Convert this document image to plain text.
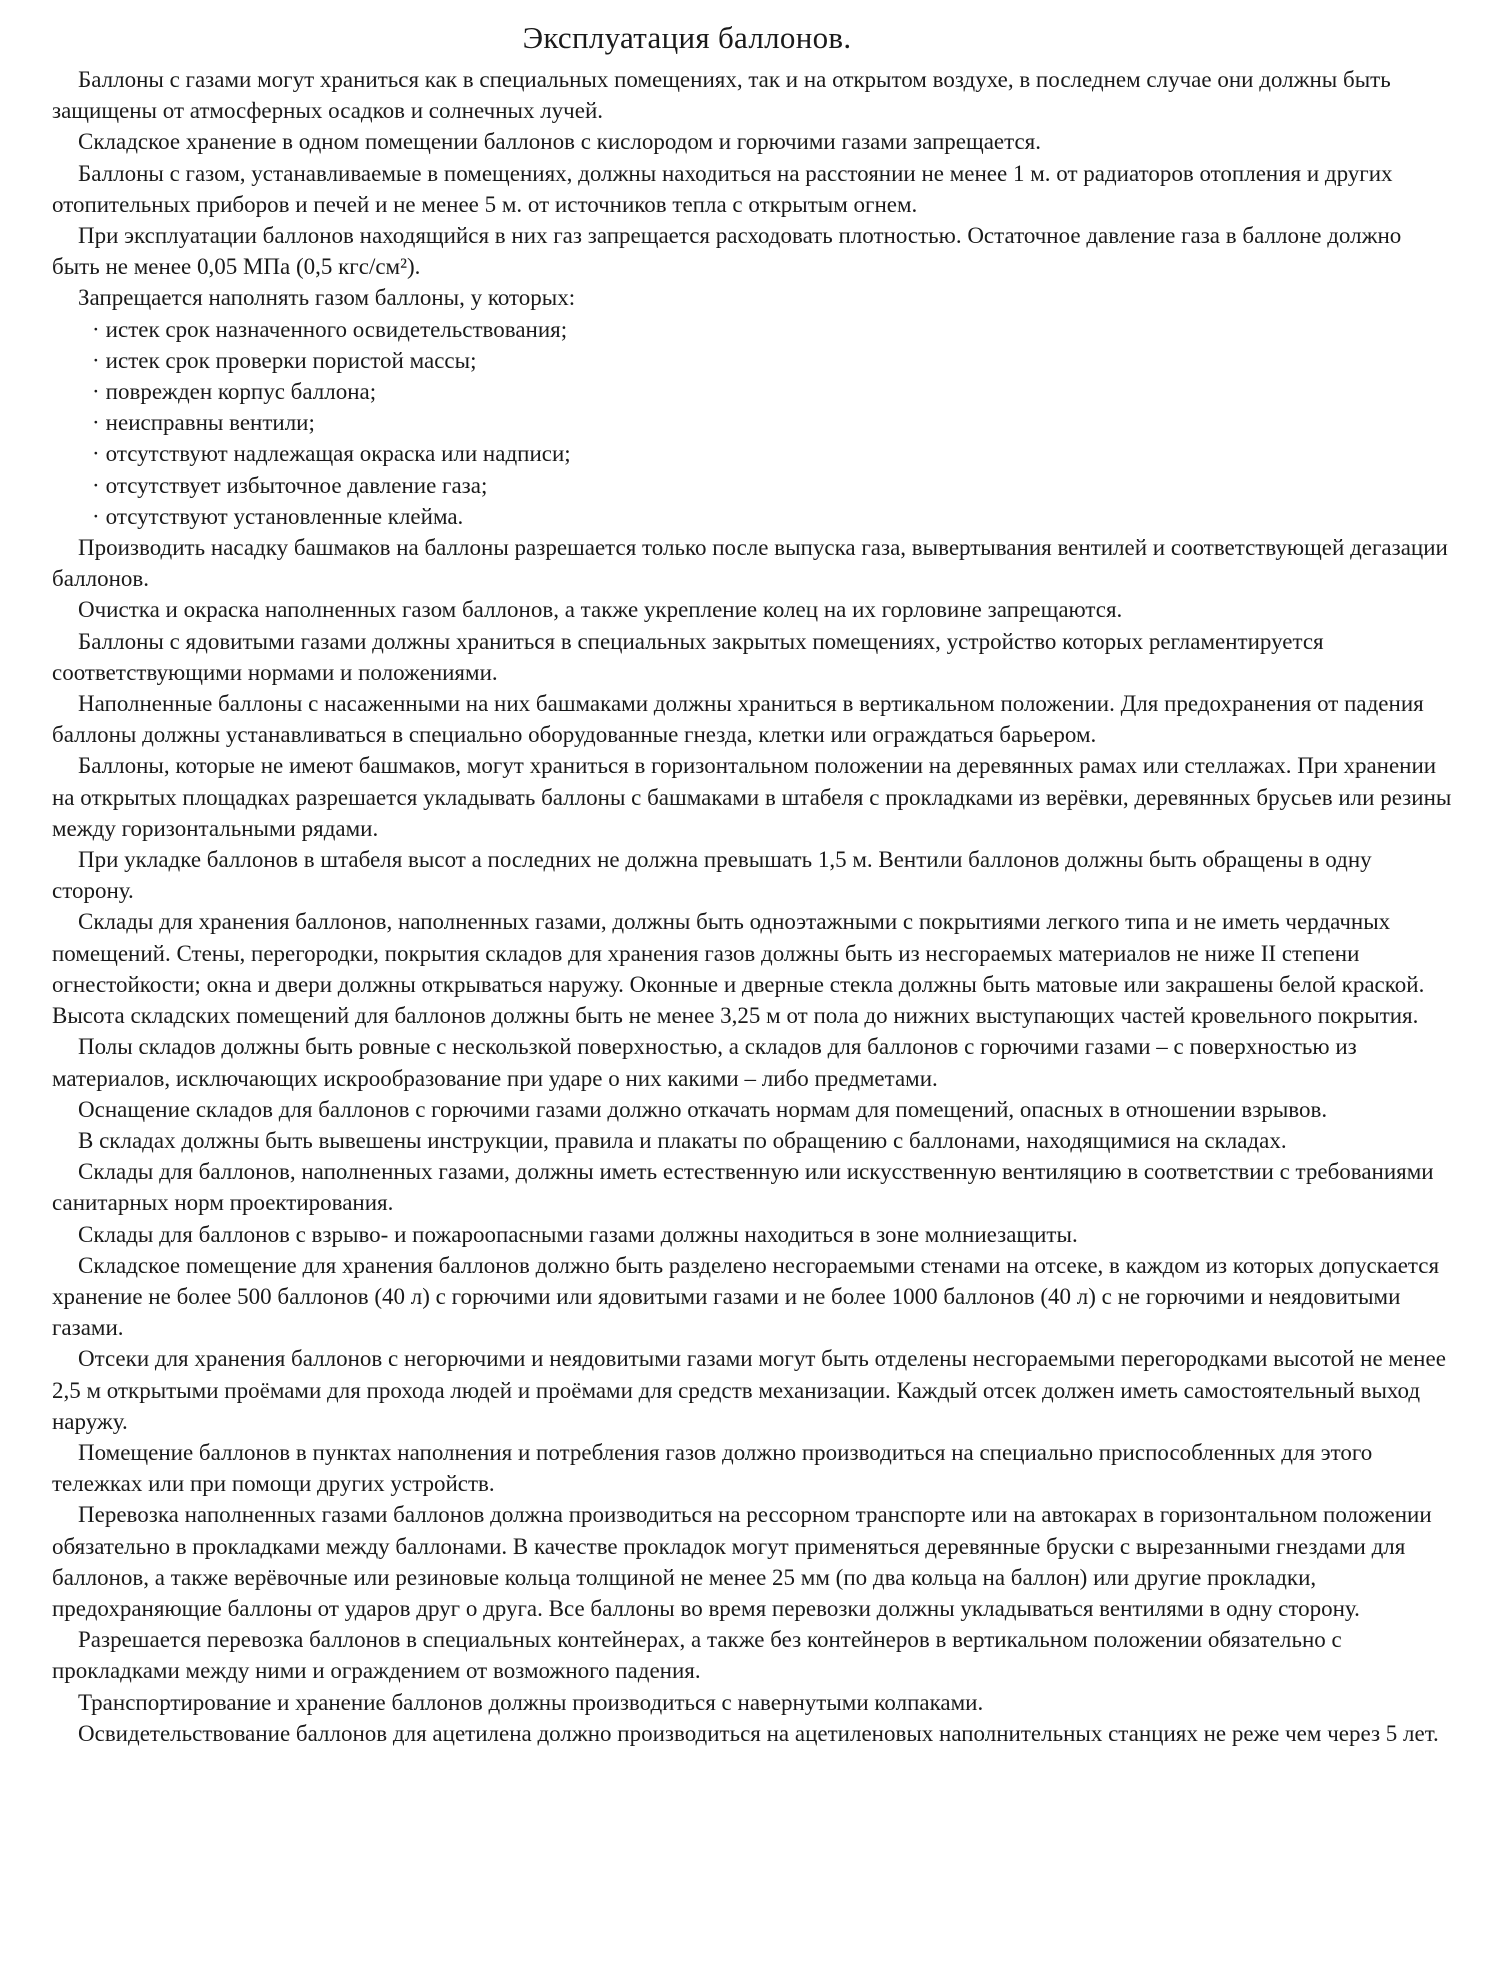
Эксплуатация баллонов.

Баллоны с газами могут храниться как в специальных помещениях, так и на открытом воздухе, в последнем случае они должны быть защищены от атмосферных осадков и солнечных лучей.

Складское хранение в одном помещении баллонов с кислородом и горючими газами запрещается.

Баллоны с газом, устанавливаемые в помещениях, должны находиться на расстоянии не менее 1 м. от радиаторов отопления и других отопительных приборов и печей и не менее 5 м. от источников тепла с открытым огнем.

При эксплуатации баллонов находящийся в них газ запрещается расходовать плотностью. Остаточное давление газа в баллоне должно быть не менее 0,05 МПа (0,5 кгс/см²).

Запрещается наполнять газом баллоны, у которых:

· истек срок назначенного освидетельствования;
· истек срок проверки пористой массы;
· поврежден корпус баллона;
· неисправны вентили;
· отсутствуют надлежащая окраска или надписи;
· отсутствует избыточное давление газа;
· отсутствуют установленные клейма.

Производить насадку башмаков на баллоны разрешается только после выпуска газа, вывертывания вентилей и соответствующей дегазации баллонов.

Очистка и окраска наполненных газом баллонов, а также укрепление колец на их горловине запрещаются.

Баллоны с ядовитыми газами должны храниться в специальных закрытых помещениях, устройство которых регламентируется соответствующими нормами и положениями.

Наполненные баллоны с насаженными на них башмаками должны храниться в вертикальном положении. Для предохранения от падения баллоны должны устанавливаться в специально оборудованные гнезда, клетки или ограждаться барьером.

Баллоны, которые не имеют башмаков, могут храниться в горизонтальном положении на деревянных рамах или стеллажах. При хранении на открытых площадках разрешается укладывать баллоны с башмаками в штабеля с прокладками из верёвки, деревянных брусьев или резины между горизонтальными рядами.

При укладке баллонов в штабеля высот а последних не должна превышать 1,5 м. Вентили баллонов должны быть обращены в одну сторону.

Склады для хранения баллонов, наполненных газами, должны быть одноэтажными с покрытиями легкого типа и не иметь чердачных помещений. Стены, перегородки, покрытия складов для хранения газов должны быть из несгораемых материалов не ниже II степени огнестойкости; окна и двери должны открываться наружу. Оконные и дверные стекла должны быть матовые или закрашены белой краской. Высота складских помещений для баллонов должны быть не менее 3,25 м от пола до нижних выступающих частей кровельного покрытия.

Полы складов должны быть ровные с нескользкой поверхностью, а складов для баллонов с горючими газами – с поверхностью из материалов, исключающих искрообразование при ударе о них какими – либо предметами.

Оснащение складов для баллонов с горючими газами должно откачать нормам для помещений, опасных в отношении взрывов.

В складах должны быть вывешены инструкции, правила и плакаты по обращению с баллонами, находящимися на складах.

Склады для баллонов, наполненных газами, должны иметь естественную или искусственную вентиляцию в соответствии с требованиями санитарных норм проектирования.

Склады для баллонов с взрыво- и пожароопасными газами должны находиться в зоне молниезащиты.

Складское помещение для хранения баллонов должно быть разделено несгораемыми стенами на отсеке, в каждом из которых допускается хранение не более 500 баллонов (40 л) с горючими или ядовитыми газами и не более 1000 баллонов (40 л) с не горючими и неядовитыми газами.

Отсеки для хранения баллонов с негорючими и неядовитыми газами могут быть отделены несгораемыми перегородками высотой не менее 2,5 м открытыми проёмами для прохода людей и проёмами для средств механизации. Каждый отсек должен иметь самостоятельный выход наружу.

Помещение баллонов в пунктах наполнения и потребления газов должно производиться на специально приспособленных для этого тележках или при помощи других устройств.

Перевозка наполненных газами баллонов должна производиться на рессорном транспорте или на автокарах в горизонтальном положении обязательно в прокладками между баллонами. В качестве прокладок могут применяться деревянные бруски с вырезанными гнездами для баллонов, а также верёвочные или резиновые кольца толщиной не менее 25 мм (по два кольца на баллон) или другие прокладки, предохраняющие баллоны от ударов друг о друга. Все баллоны во время перевозки должны укладываться вентилями в одну сторону.

Разрешается перевозка баллонов в специальных контейнерах, а также без контейнеров в вертикальном положении обязательно с прокладками между ними и ограждением от возможного падения.

Транспортирование и хранение баллонов должны производиться с навернутыми колпаками.

Освидетельствование баллонов для ацетилена должно производиться на ацетиленовых наполнительных станциях не реже чем через 5 лет.
